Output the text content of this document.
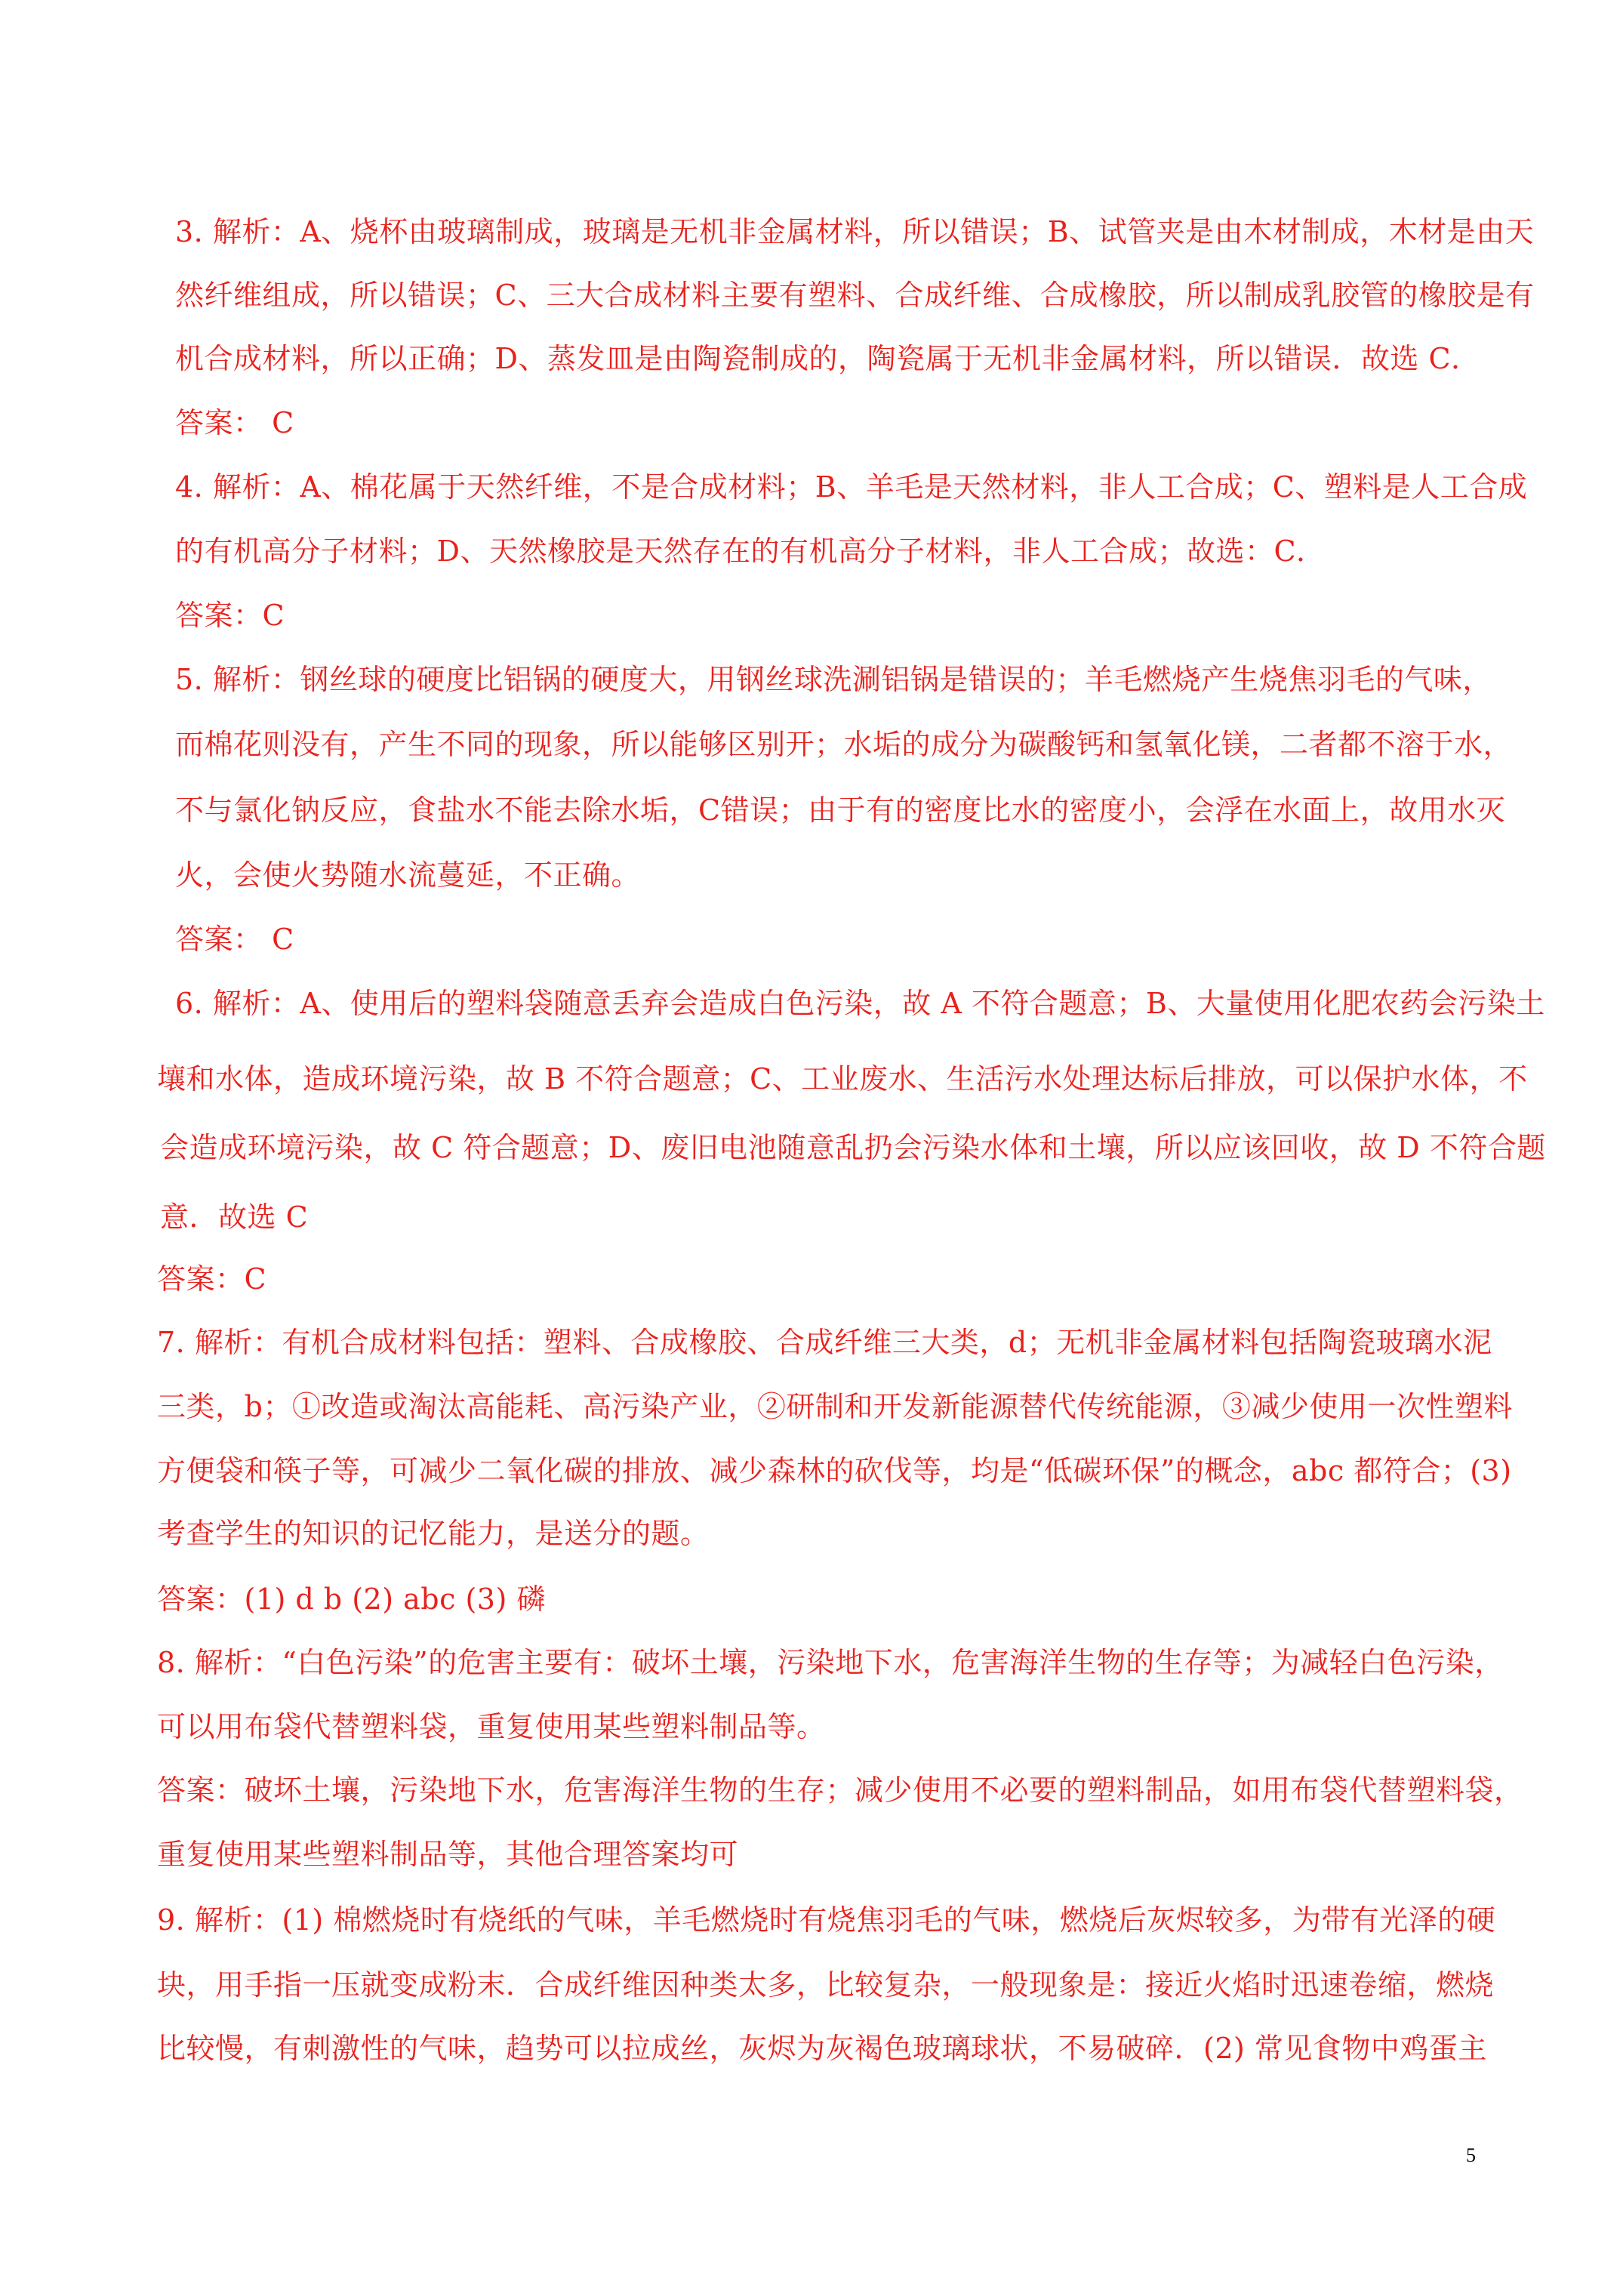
3. 解析：A、烧杯由玻璃制成，玻璃是无机非金属材料，所以错误；B、试管夹是由木材制成，木材是由天
然纤维组成，所以错误；C、三大合成材料主要有塑料、合成纤维、合成橡胶，所以制成乳胶管的橡胶是有
机合成材料，所以正确；D、蒸发皿是由陶瓷制成的，陶瓷属于无机非金属材料，所以错误．故选 C．
答案： C
4. 解析：A、棉花属于天然纤维，不是合成材料；B、羊毛是天然材料，非人工合成；C、塑料是人工合成
的有机高分子材料；D、天然橡胶是天然存在的有机高分子材料，非人工合成；故选：C．
答案：C
5. 解析：钢丝球的硬度比铝锅的硬度大，用钢丝球洗涮铝锅是错误的；羊毛燃烧产生烧焦羽毛的气味，
而棉花则没有，产生不同的现象，所以能够区别开；水垢的成分为碳酸钙和氢氧化镁，二者都不溶于水，
不与氯化钠反应，食盐水不能去除水垢，C错误；由于有的密度比水的密度小，会浮在水面上，故用水灭
火，会使火势随水流蔓延，不正确。
答案： C
6. 解析：A、使用后的塑料袋随意丢弃会造成白色污染，故 A 不符合题意；B、大量使用化肥农药会污染土
壤和水体，造成环境污染，故 B 不符合题意；C、工业废水、生活污水处理达标后排放，可以保护水体，不
会造成环境污染，故 C 符合题意；D、废旧电池随意乱扔会污染水体和土壤，所以应该回收，故 D 不符合题
意．故选 C
答案：C
7. 解析：有机合成材料包括：塑料、合成橡胶、合成纤维三大类，d；无机非金属材料包括陶瓷玻璃水泥
三类，b；①改造或淘汰高能耗、高污染产业，②研制和开发新能源替代传统能源，③减少使用一次性塑料
方便袋和筷子等，可减少二氧化碳的排放、减少森林的砍伐等，均是“低碳环保”的概念，abc 都符合；(3)
考查学生的知识的记忆能力，是送分的题。
答案：(1) d b (2) abc (3) 磷
8. 解析：“白色污染”的危害主要有：破坏土壤，污染地下水，危害海洋生物的生存等；为减轻白色污染，
可以用布袋代替塑料袋，重复使用某些塑料制品等。
答案：破坏土壤，污染地下水，危害海洋生物的生存；减少使用不必要的塑料制品，如用布袋代替塑料袋，
重复使用某些塑料制品等，其他合理答案均可
9. 解析：(1) 棉燃烧时有烧纸的气味，羊毛燃烧时有烧焦羽毛的气味，燃烧后灰烬较多，为带有光泽的硬
块，用手指一压就变成粉末．合成纤维因种类太多，比较复杂，一般现象是：接近火焰时迅速卷缩，燃烧
比较慢，有刺激性的气味，趋势可以拉成丝，灰烬为灰褐色玻璃球状，不易破碎．(2) 常见食物中鸡蛋主
5
